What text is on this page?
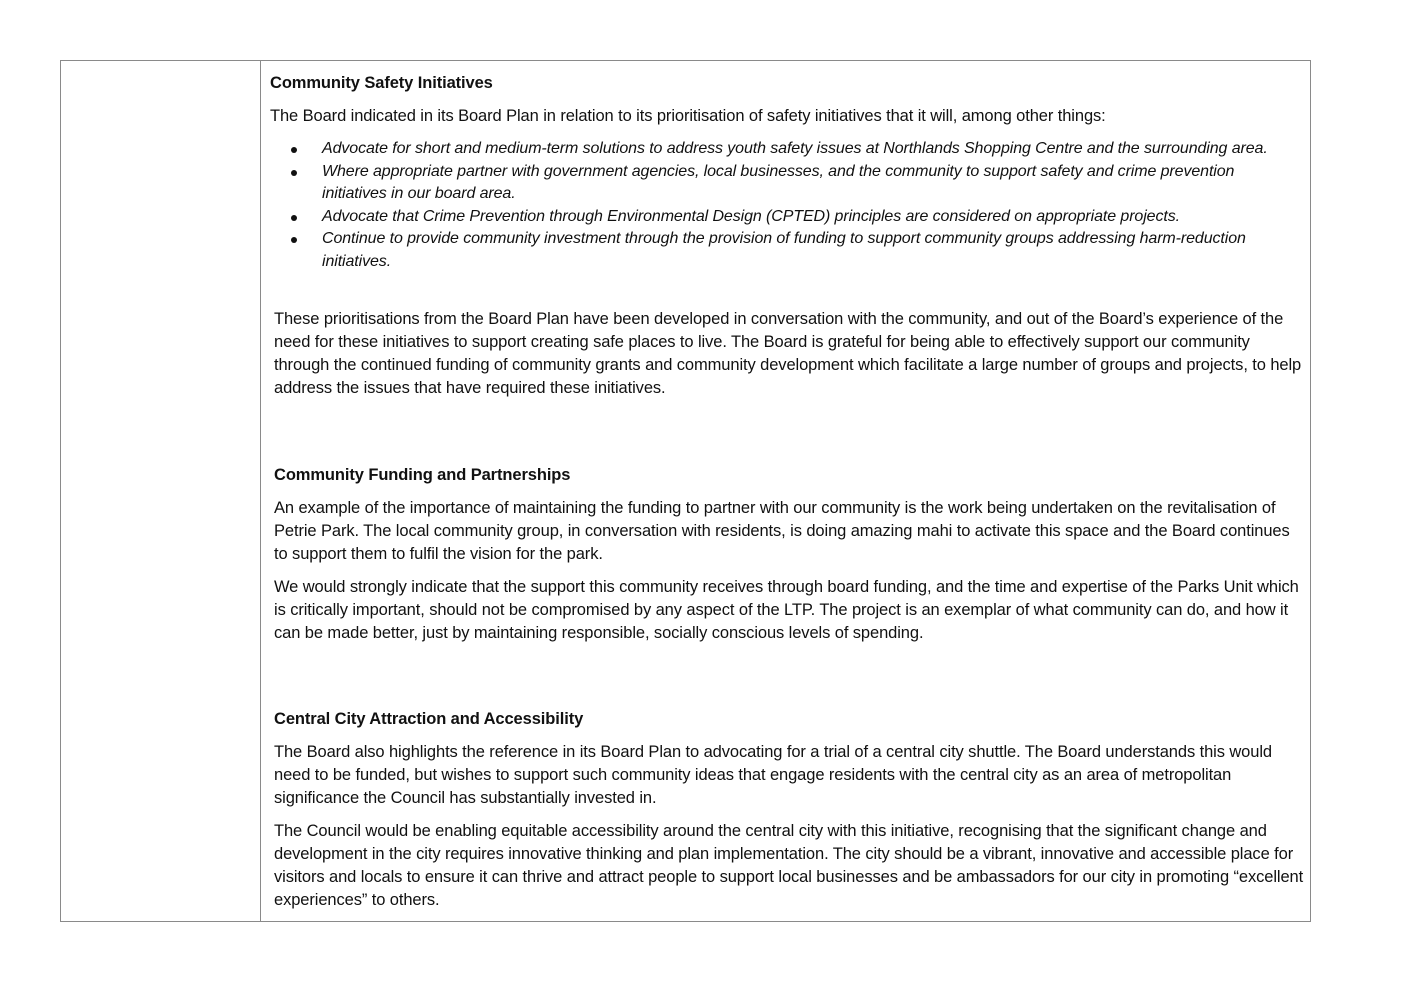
Community Safety Initiatives

The Board indicated in its Board Plan in relation to its prioritisation of safety initiatives that it will, among other things:

Advocate for short and medium-term solutions to address youth safety issues at Northlands Shopping Centre and the surrounding area.
Where appropriate partner with government agencies, local businesses, and the community to support safety and crime prevention initiatives in our board area.
Advocate that Crime Prevention through Environmental Design (CPTED) principles are considered on appropriate projects.
Continue to provide community investment through the provision of funding to support community groups addressing harm-reduction initiatives.

These prioritisations from the Board Plan have been developed in conversation with the community, and out of the Board’s experience of the need for these initiatives to support creating safe places to live. The Board is grateful for being able to effectively support our community through the continued funding of community grants and community development which facilitate a large number of groups and projects, to help address the issues that have required these initiatives.

Community Funding and Partnerships

An example of the importance of maintaining the funding to partner with our community is the work being undertaken on the revitalisation of Petrie Park. The local community group, in conversation with residents, is doing amazing mahi to activate this space and the Board continues to support them to fulfil the vision for the park.

We would strongly indicate that the support this community receives through board funding, and the time and expertise of the Parks Unit which is critically important, should not be compromised by any aspect of the LTP. The project is an exemplar of what community can do, and how it can be made better, just by maintaining responsible, socially conscious levels of spending.

Central City Attraction and Accessibility

The Board also highlights the reference in its Board Plan to advocating for a trial of a central city shuttle. The Board understands this would need to be funded, but wishes to support such community ideas that engage residents with the central city as an area of metropolitan significance the Council has substantially invested in.

The Council would be enabling equitable accessibility around the central city with this initiative, recognising that the significant change and development in the city requires innovative thinking and plan implementation. The city should be a vibrant, innovative and accessible place for visitors and locals to ensure it can thrive and attract people to support local businesses and be ambassadors for our city in promoting “excellent experiences” to others.
